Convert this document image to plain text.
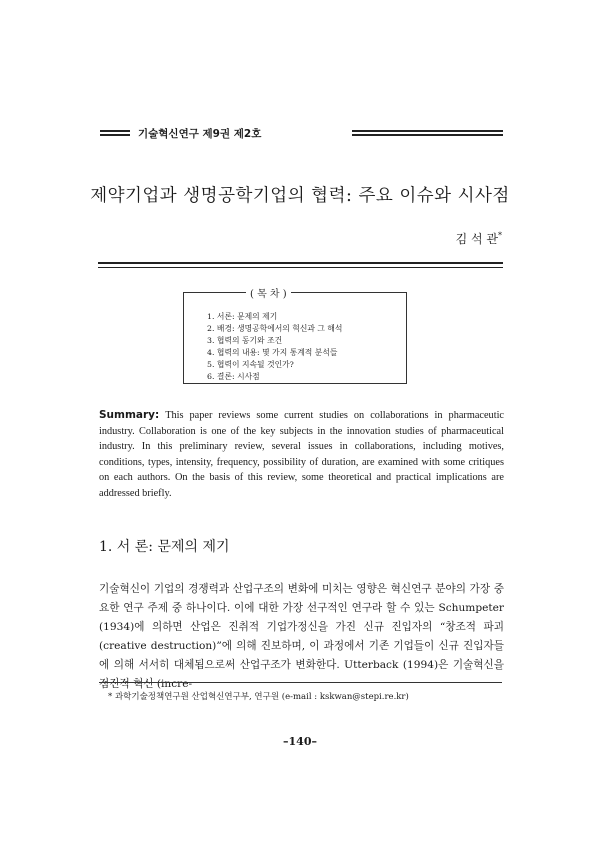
기술혁신연구 제9권 제2호
제약기업과 생명공학기업의 협력: 주요 이슈와 시사점
김 석 관*
( 목 차 )
1. 서론: 문제의 제기
2. 배경: 생명공학에서의 혁신과 그 해석
3. 협력의 동기와 조건
4. 협력의 내용: 몇 가지 통계적 분석들
5. 협력이 지속될 것인가?
6. 결론: 시사점
Summary: This paper reviews some current studies on collaborations in pharmaceutic industry. Collaboration is one of the key subjects in the innovation studies of pharmaceutical industry. In this preliminary review, several issues in collaborations, including motives, conditions, types, intensity, frequency, possibility of duration, are examined with some critiques on each authors. On the basis of this review, some theoretical and practical implications are addressed briefly.
1. 서 론: 문제의 제기
기술혁신이 기업의 경쟁력과 산업구조의 변화에 미치는 영향은 혁신연구 분야의 가장 중요한 연구 주제 중 하나이다. 이에 대한 가장 선구적인 연구라 할 수 있는 Schumpeter (1934)에 의하면 산업은 진취적 기업가정신을 가진 신규 진입자의 “창조적 파괴 (creative destruction)”에 의해 진보하며, 이 과정에서 기존 기업들이 신규 진입자들에 의해 서서히 대체됨으로써 산업구조가 변화한다. Utterback (1994)은 기술혁신을 점진적 혁신 (incre-
* 과학기술정책연구원 산업혁신연구부, 연구원 (e-mail : kskwan@stepi.re.kr)
–140–
